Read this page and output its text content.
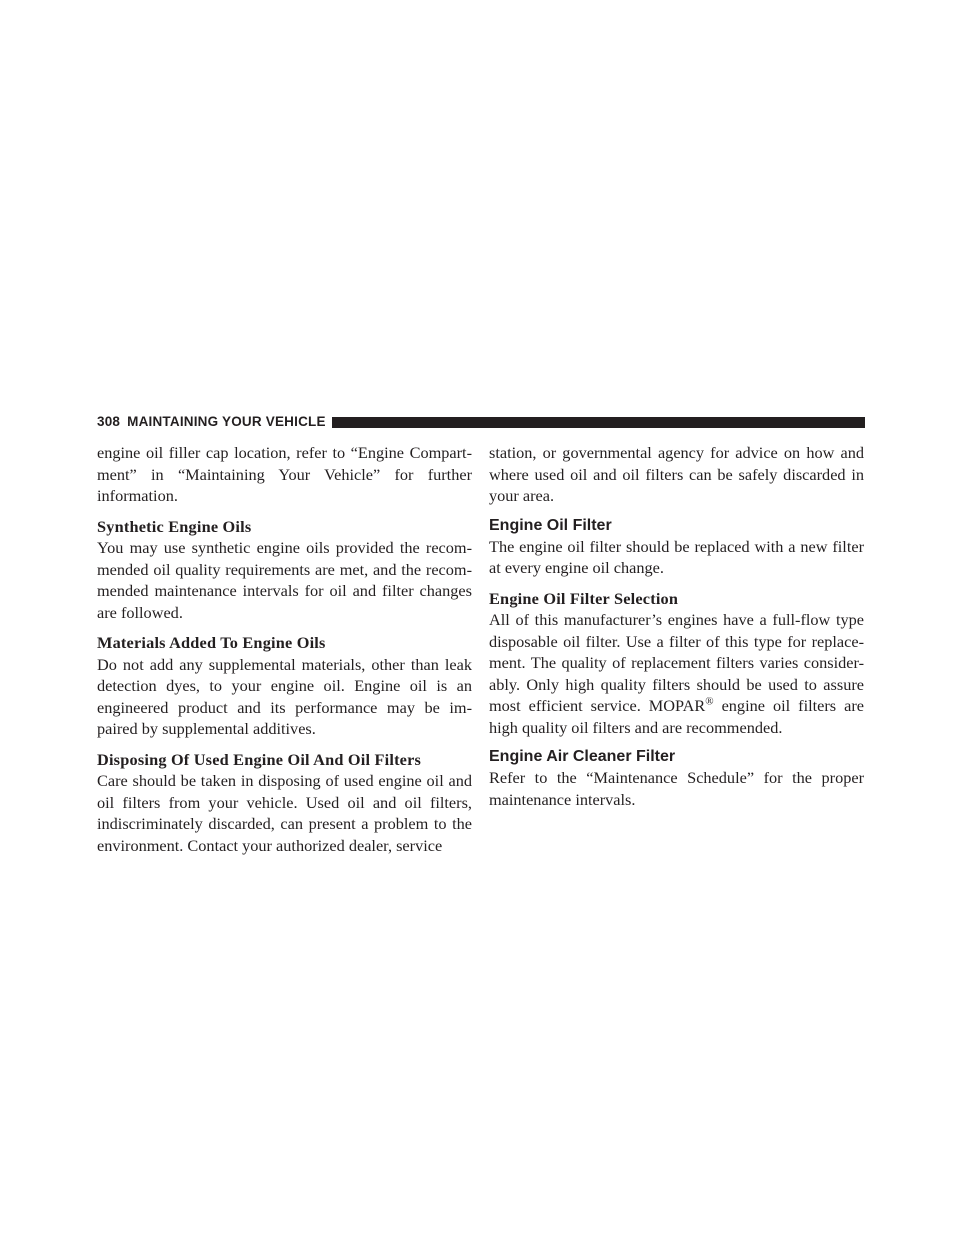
308 MAINTAINING YOUR VEHICLE

engine oil filler cap location, refer to “Engine Compart-ment” in “Maintaining Your Vehicle” for further information.

Synthetic Engine Oils

You may use synthetic engine oils provided the recom-mended oil quality requirements are met, and the recom-mended maintenance intervals for oil and filter changes are followed.

Materials Added To Engine Oils

Do not add any supplemental materials, other than leak detection dyes, to your engine oil. Engine oil is an engineered product and its performance may be im-paired by supplemental additives.

Disposing Of Used Engine Oil And Oil Filters

Care should be taken in disposing of used engine oil and oil filters from your vehicle. Used oil and oil filters, indiscriminately discarded, can present a problem to the environment. Contact your authorized dealer, service

station, or governmental agency for advice on how and where used oil and oil filters can be safely discarded in your area.

Engine Oil Filter

The engine oil filter should be replaced with a new filter at every engine oil change.

Engine Oil Filter Selection

All of this manufacturer’s engines have a full-flow type disposable oil filter. Use a filter of this type for replace-ment. The quality of replacement filters varies consider-ably. Only high quality filters should be used to assure most efficient service. MOPAR® engine oil filters are high quality oil filters and are recommended.

Engine Air Cleaner Filter

Refer to the “Maintenance Schedule” for the proper maintenance intervals.
